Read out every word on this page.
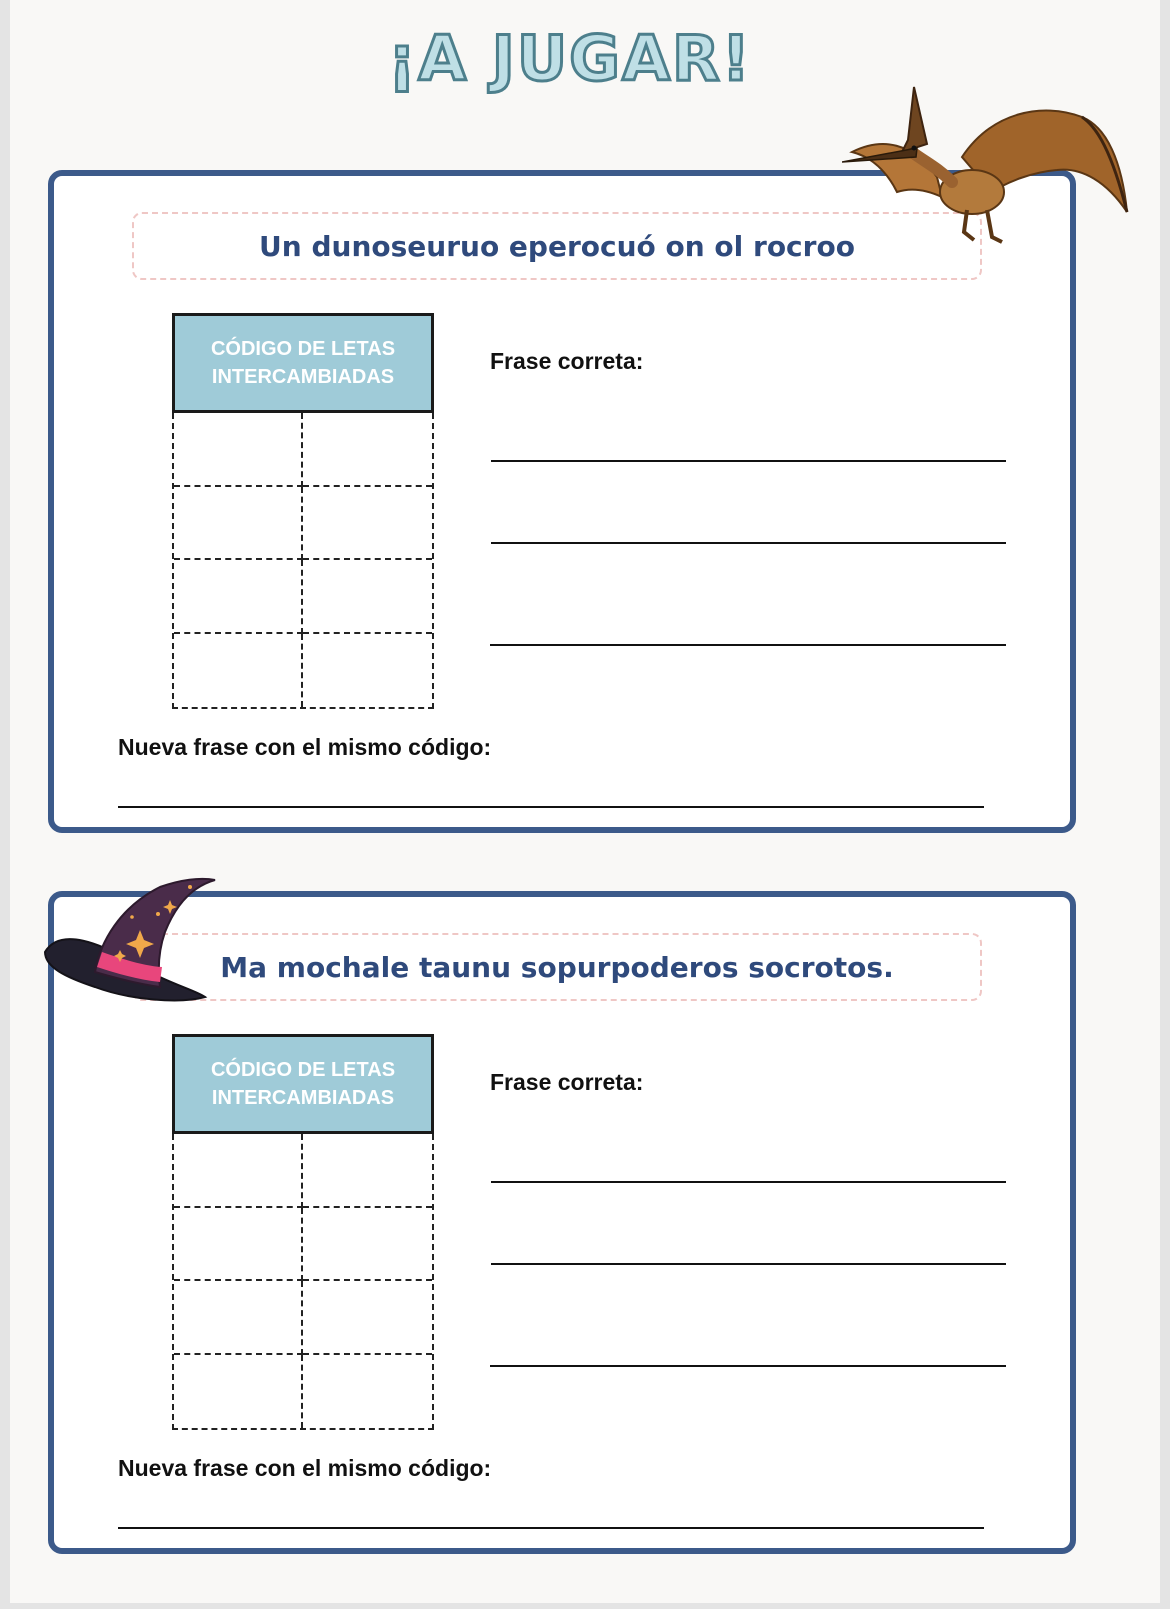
¡A JUGAR!
Un dunoseuruo eperocuó on ol rocroo
CÓDIGO DE LETAS
INTERCAMBIADAS
Frase correta:
Nueva frase con el mismo código:
Ma mochale taunu sopurpoderos socrotos.
CÓDIGO DE LETAS
INTERCAMBIADAS
Frase correta:
Nueva frase con el mismo código:
